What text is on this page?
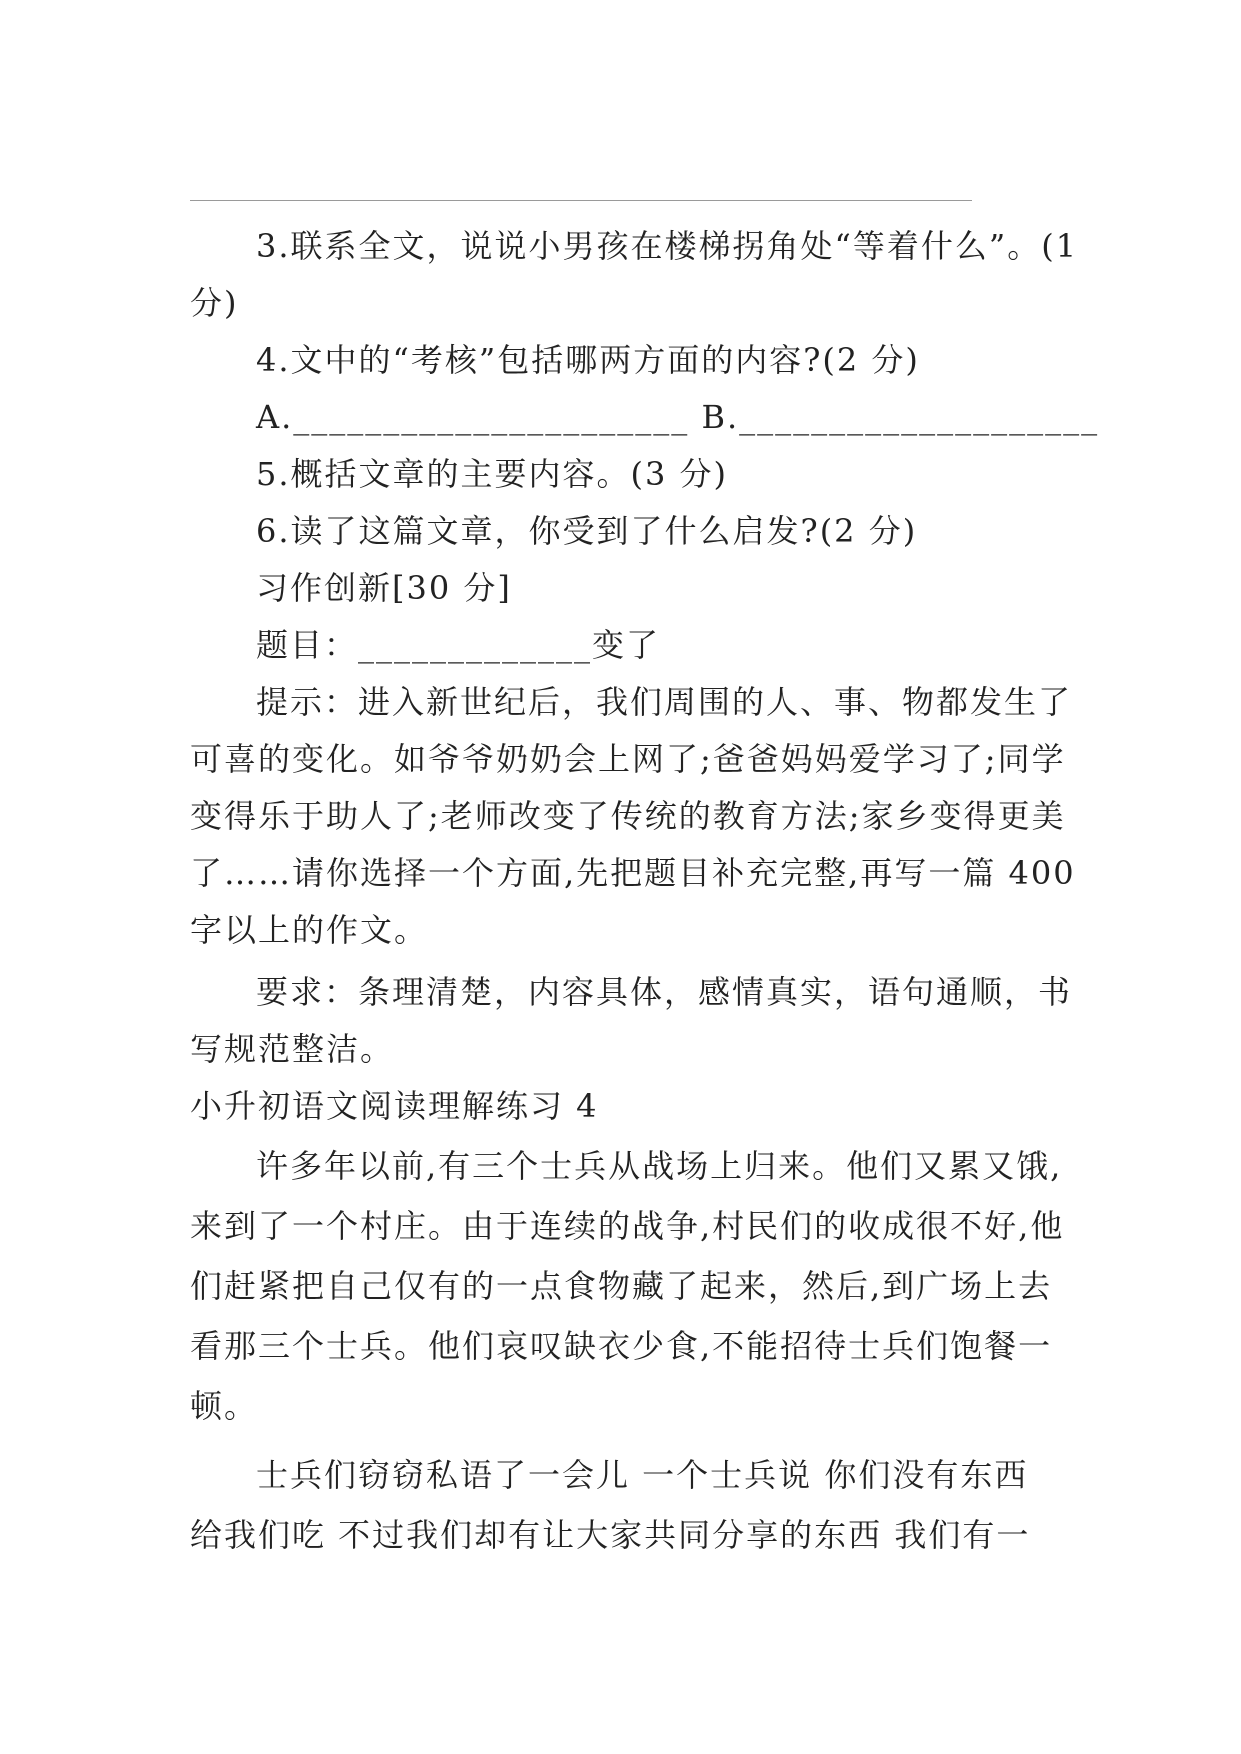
3.联系全文，说说小男孩在楼梯拐角处“等着什么”。(1
分)
4.文中的“考核”包括哪两方面的内容?(2 分)
A.______________________ B.____________________
5.概括文章的主要内容。(3 分)
6.读了这篇文章，你受到了什么启发?(2 分)
习作创新[30 分]
题目：_____________变了
提示：进入新世纪后，我们周围的人、事、物都发生了
可喜的变化。如爷爷奶奶会上网了;爸爸妈妈爱学习了;同学
变得乐于助人了;老师改变了传统的教育方法;家乡变得更美
了……请你选择一个方面,先把题目补充完整,再写一篇 400
字以上的作文。
要求：条理清楚，内容具体，感情真实，语句通顺，书
写规范整洁。
小升初语文阅读理解练习 4
许多年以前,有三个士兵从战场上归来。他们又累又饿,
来到了一个村庄。由于连续的战争,村民们的收成很不好,他
们赶紧把自己仅有的一点食物藏了起来，然后,到广场上去
看那三个士兵。他们哀叹缺衣少食,不能招待士兵们饱餐一
顿。
士兵们窃窃私语了一会儿 一个士兵说 你们没有东西
给我们吃 不过我们却有让大家共同分享的东西 我们有一
